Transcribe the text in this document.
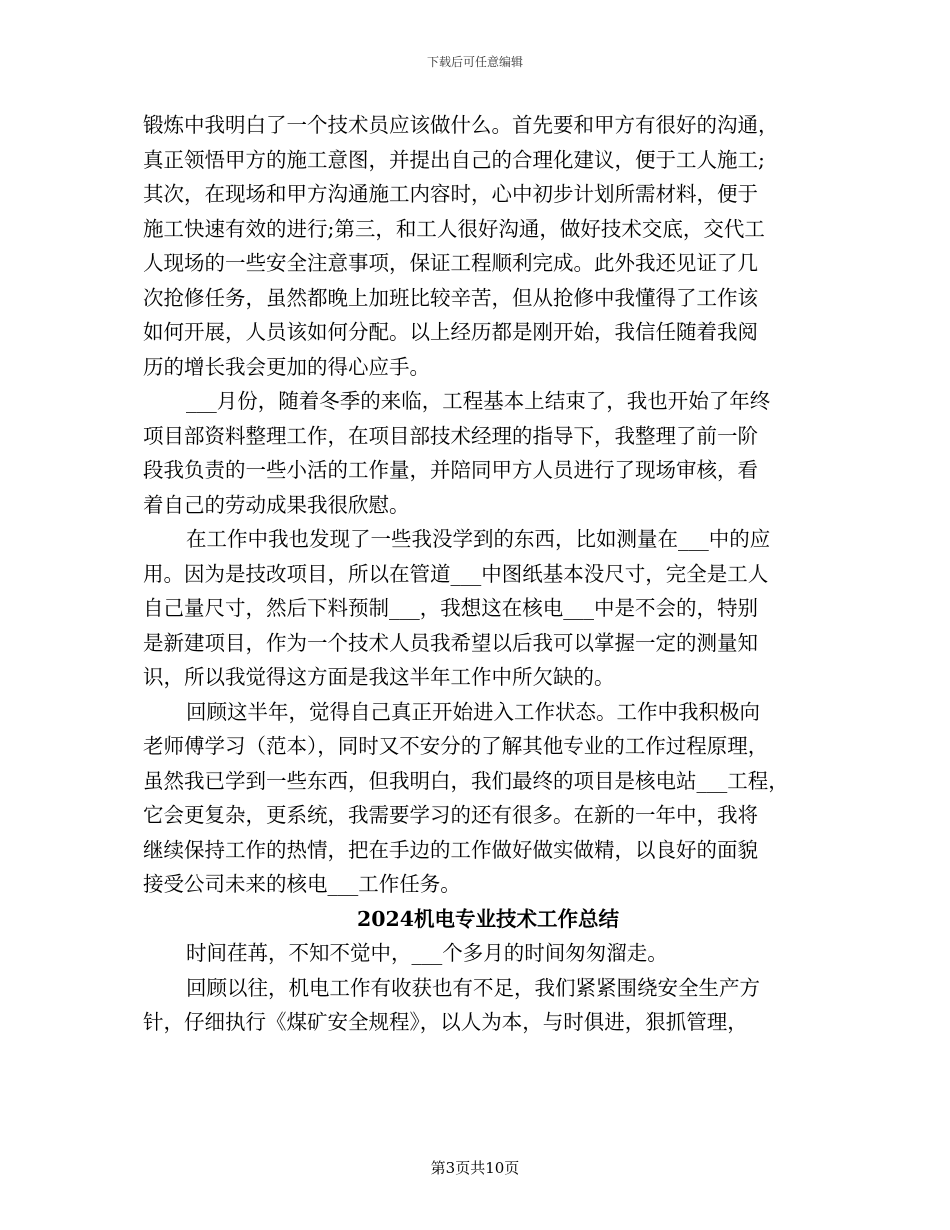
下载后可任意编辑
锻炼中我明白了一个技术员应该做什么。首先要和甲方有很好的沟通，
真正领悟甲方的施工意图，并提出自己的合理化建议，便于工人施工;
其次，在现场和甲方沟通施工内容时，心中初步计划所需材料，便于
施工快速有效的进行;第三，和工人很好沟通，做好技术交底，交代工
人现场的一些安全注意事项，保证工程顺利完成。此外我还见证了几
次抢修任务，虽然都晚上加班比较辛苦，但从抢修中我懂得了工作该
如何开展，人员该如何分配。以上经历都是刚开始，我信任随着我阅
历的增长我会更加的得心应手。
___月份，随着冬季的来临，工程基本上结束了，我也开始了年终
项目部资料整理工作，在项目部技术经理的指导下，我整理了前一阶
段我负责的一些小活的工作量，并陪同甲方人员进行了现场审核，看
着自己的劳动成果我很欣慰。
在工作中我也发现了一些我没学到的东西，比如测量在___中的应
用。因为是技改项目，所以在管道___中图纸基本没尺寸，完全是工人
自己量尺寸，然后下料预制___，我想这在核电___中是不会的，特别
是新建项目，作为一个技术人员我希望以后我可以掌握一定的测量知
识，所以我觉得这方面是我这半年工作中所欠缺的。
回顾这半年，觉得自己真正开始进入工作状态。工作中我积极向
老师傅学习（范本），同时又不安分的了解其他专业的工作过程原理，
虽然我已学到一些东西，但我明白，我们最终的项目是核电站___工程，
它会更复杂，更系统，我需要学习的还有很多。在新的一年中，我将
继续保持工作的热情，把在手边的工作做好做实做精，以良好的面貌
接受公司未来的核电___工作任务。
2024机电专业技术工作总结
时间荏苒，不知不觉中，___个多月的时间匆匆溜走。
回顾以往，机电工作有收获也有不足，我们紧紧围绕安全生产方
针，仔细执行《煤矿安全规程》，以人为本，与时俱进，狠抓管理，
第3页共10页
